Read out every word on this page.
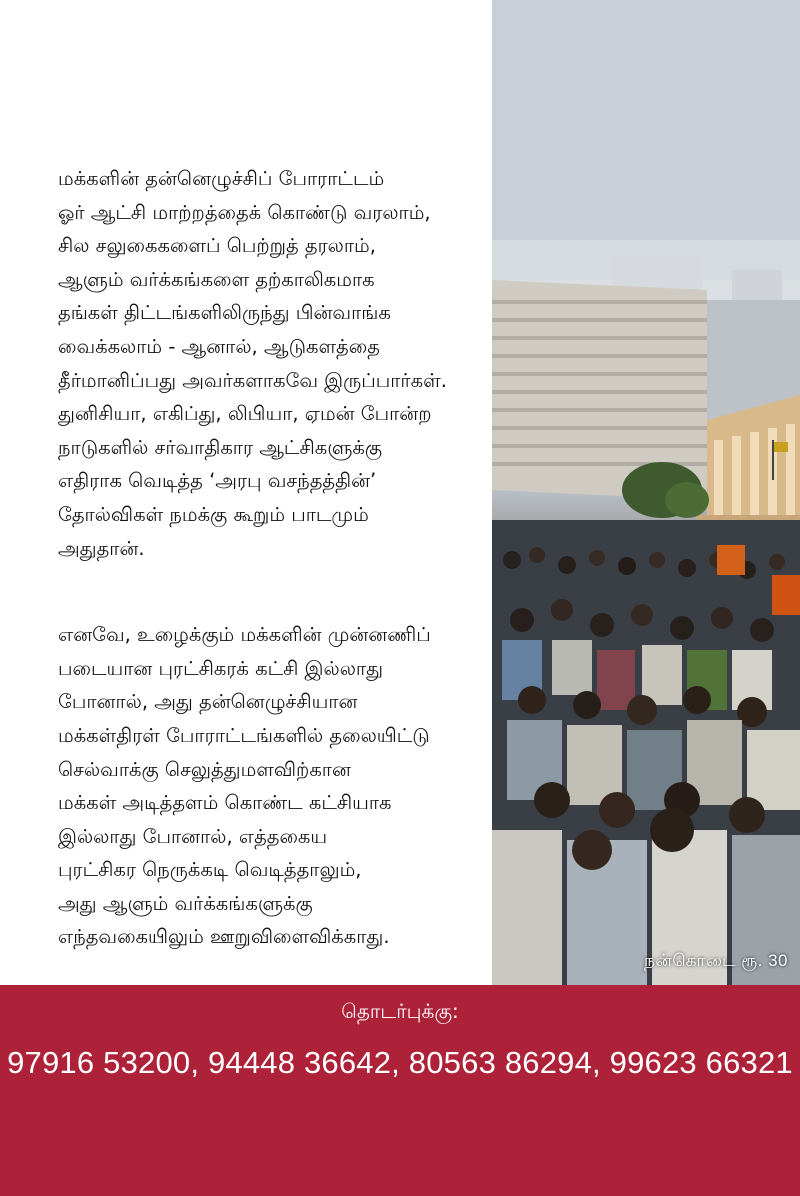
மக்களின் தன்னெழுச்சிப் போராட்டம்
ஓர் ஆட்சி மாற்றத்தைக் கொண்டு வரலாம்,
சில சலுகைகளைப் பெற்றுத் தரலாம்,
ஆளும் வர்க்கங்களை தற்காலிகமாக
தங்கள் திட்டங்களிலிருந்து பின்வாங்க
வைக்கலாம் - ஆனால், ஆடுகளத்தை
தீர்மானிப்பது அவர்களாகவே இருப்பார்கள்.
துனிசியா, எகிப்து, லிபியா, ஏமன் போன்ற
நாடுகளில் சர்வாதிகார ஆட்சிகளுக்கு
எதிராக வெடித்த ‘அரபு வசந்தத்தின்’
தோல்விகள் நமக்கு கூறும் பாடமும்
அதுதான்.
எனவே, உழைக்கும் மக்களின் முன்னணிப்
படையான புரட்சிகரக் கட்சி இல்லாது
போனால், அது தன்னெழுச்சியான
மக்கள்திரள் போராட்டங்களில் தலையிட்டு
செல்வாக்கு செலுத்துமளவிற்கான
மக்கள் அடித்தளம் கொண்ட கட்சியாக
இல்லாது போனால், எத்தகைய
புரட்சிகர நெருக்கடி வெடித்தாலும்,
அது ஆளும் வர்க்கங்களுக்கு
எந்தவகையிலும் ஊறுவிளைவிக்காது.
நன்கொடை ரூ. 30
தொடர்புக்கு:
97916 53200, 94448 36642, 80563 86294, 99623 66321
